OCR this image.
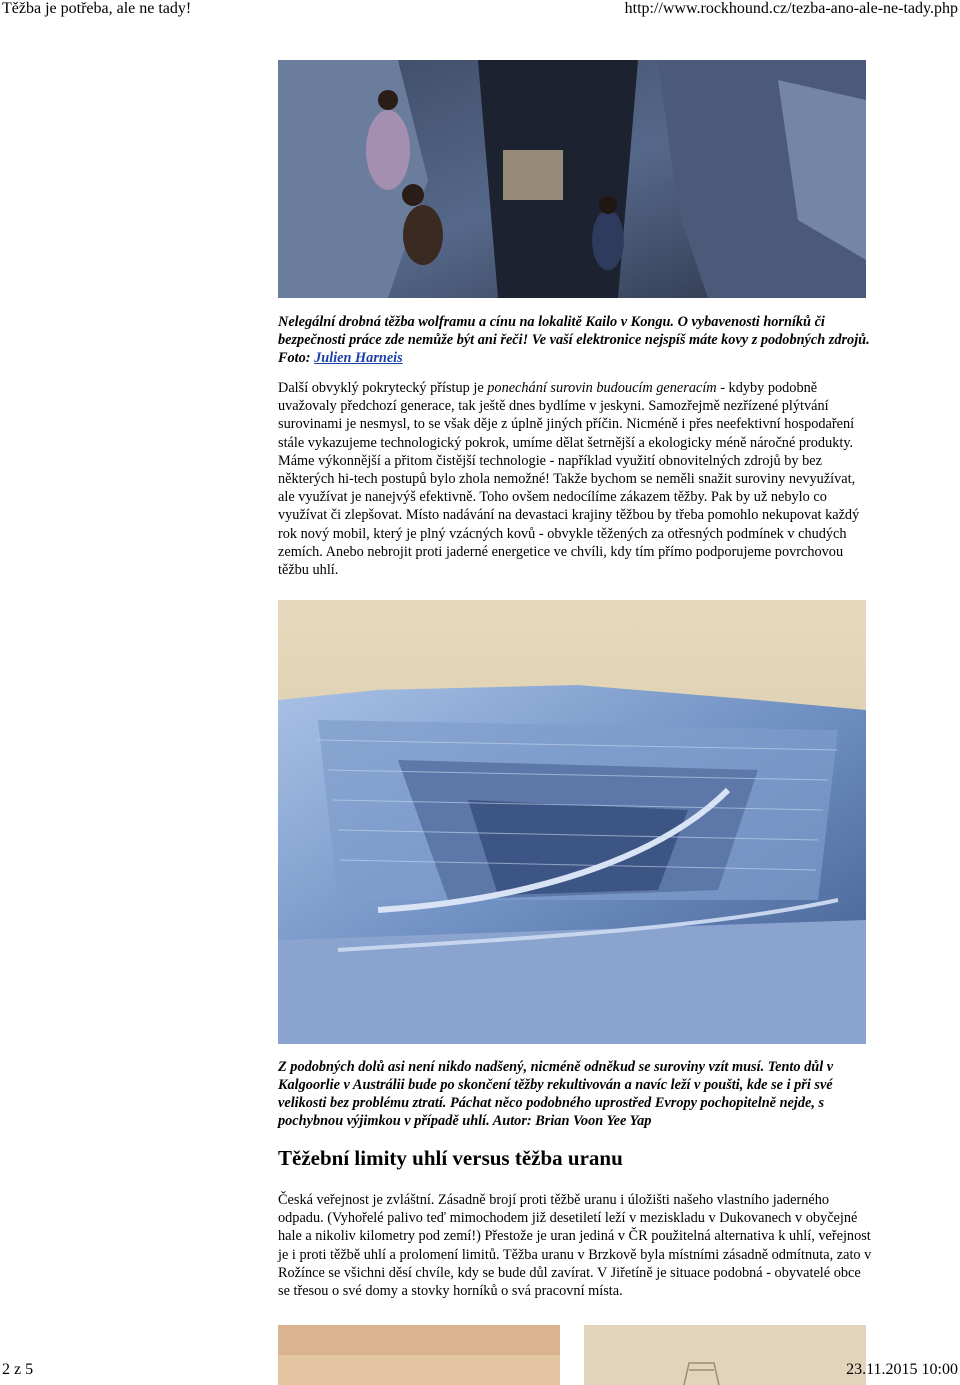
Těžba je potřeba, ale ne tady!	http://www.rockhound.cz/tezba-ano-ale-ne-tady.php
Nelegální drobná těžba wolframu a cínu na lokalitě Kailo v Kongu. O vybavenosti horníků či bezpečnosti práce zde nemůže být ani řeči! Ve vaší elektronice nejspíš máte kovy z podobných zdrojů. Foto: Julien Harneis
Další obvyklý pokrytecký přístup je ponechání surovin budoucím generacím - kdyby podobně uvažovaly předchozí generace, tak ještě dnes bydlíme v jeskyni. Samozřejmě nezřízené plýtvání surovinami je nesmysl, to se však děje z úplně jiných příčin. Nicméně i přes neefektivní hospodaření stále vykazujeme technologický pokrok, umíme dělat šetrnější a ekologicky méně náročné produkty. Máme výkonnější a přitom čistější technologie - například využití obnovitelných zdrojů by bez některých hi-tech postupů bylo zhola nemožné! Takže bychom se neměli snažit suroviny nevyužívat, ale využívat je nanejvýš efektivně. Toho ovšem nedocílíme zákazem těžby. Pak by už nebylo co využívat či zlepšovat. Místo nadávání na devastaci krajiny těžbou by třeba pomohlo nekupovat každý rok nový mobil, který je plný vzácných kovů - obvykle těžených za otřesných podmínek v chudých zemích. Anebo nebrojit proti jaderné energetice ve chvíli, kdy tím přímo podporujeme povrchovou těžbu uhlí.
Z podobných dolů asi není nikdo nadšený, nicméně odněkud se suroviny vzít musí. Tento důl v Kalgoorlie v Austrálii bude po skončení těžby rekultivován a navíc leží v poušti, kde se i při své velikosti bez problému ztratí. Páchat něco podobného uprostřed Evropy pochopitelně nejde, s pochybnou výjimkou v případě uhlí. Autor: Brian Voon Yee Yap
Těžební limity uhlí versus těžba uranu
Česká veřejnost je zvláštní. Zásadně brojí proti těžbě uranu i úložišti našeho vlastního jaderného odpadu. (Vyhořelé palivo teď mimochodem již desetiletí leží v meziskladu v Dukovanech v obyčejné hale a nikoliv kilometry pod zemí!) Přestože je uran jediná v ČR použitelná alternativa k uhlí, veřejnost je i proti těžbě uhlí a prolomení limitů. Těžba uranu v Brzkově byla místními zásadně odmítnuta, zato v Rožínce se všichni děsí chvíle, kdy se bude důl zavírat. V Jiřetíně je situace podobná - obyvatelé obce se třesou o své domy a stovky horníků o svá pracovní místa.
2 z 5	23.11.2015 10:00
